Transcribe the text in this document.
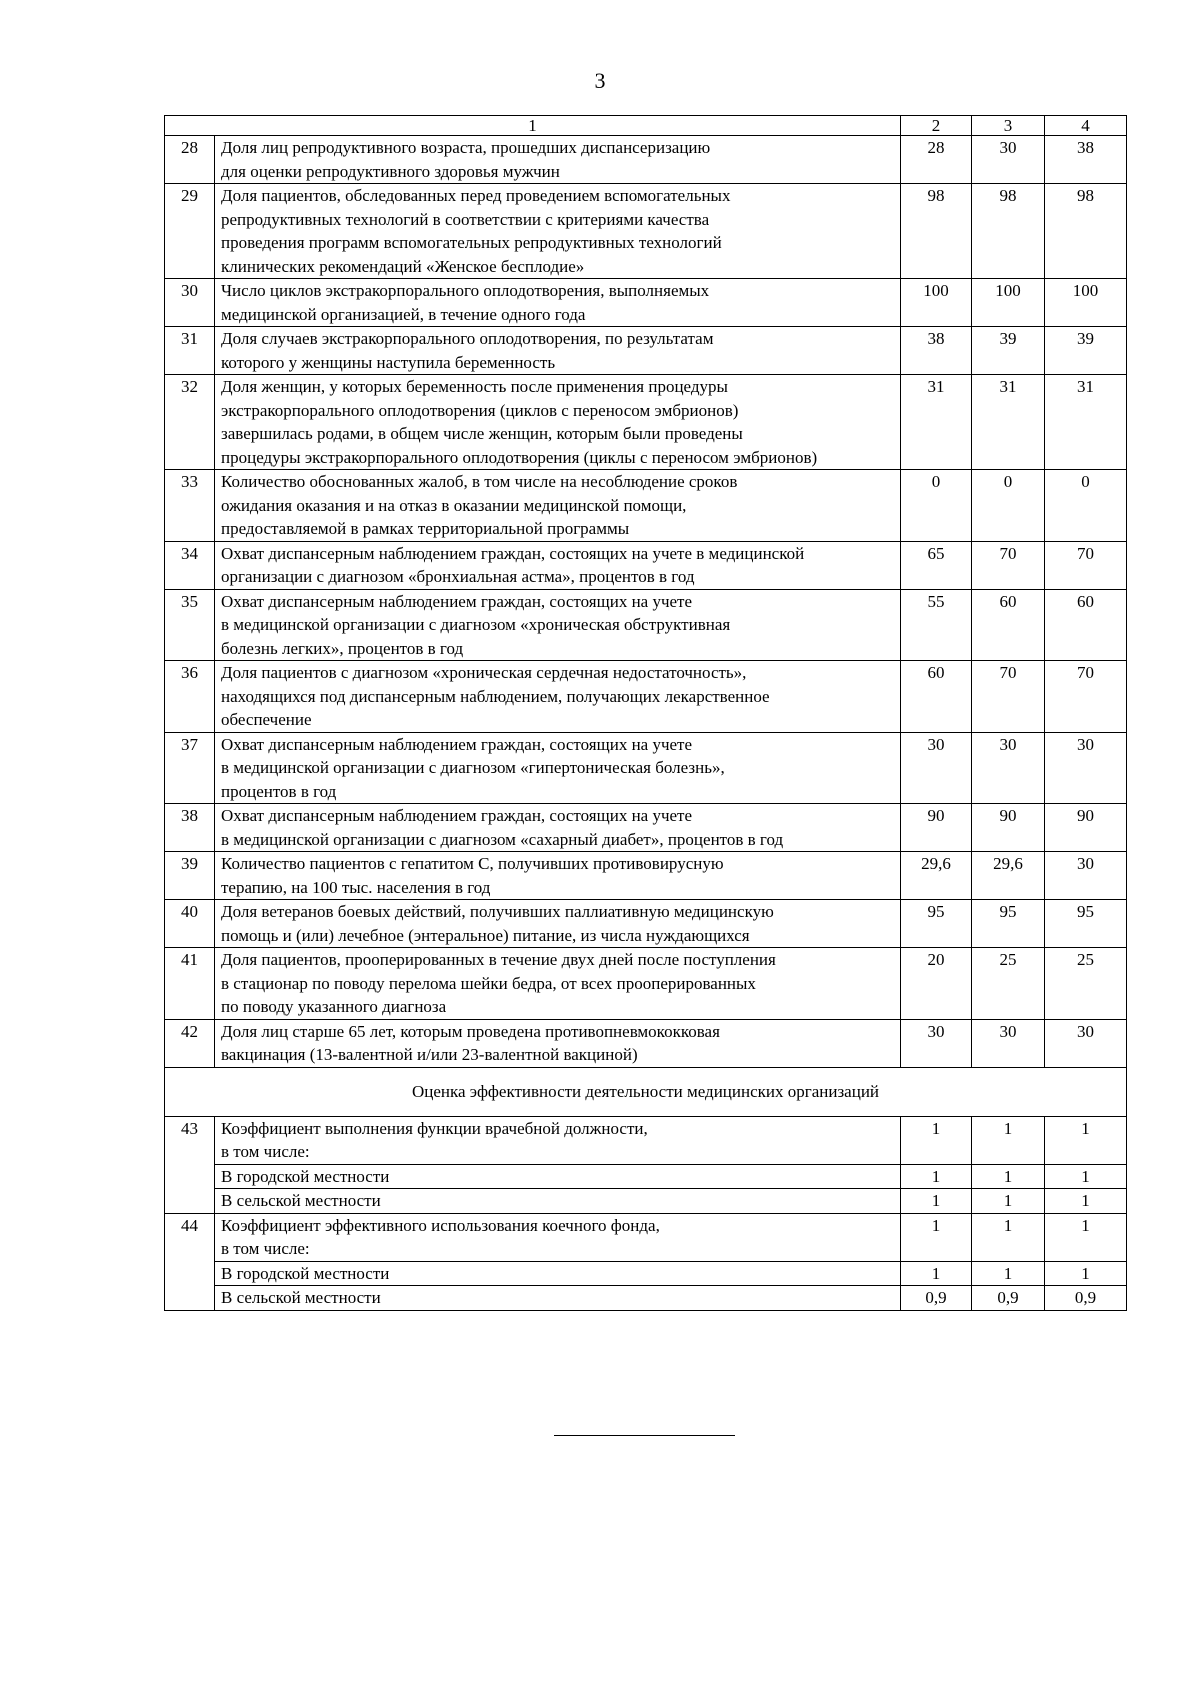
3
1		2	3	4
28	Доля лиц репродуктивного возраста, прошедших диспансеризацию
для оценки репродуктивного здоровья мужчин	28	30	38
29	Доля пациентов, обследованных перед проведением вспомогательных
репродуктивных технологий в соответствии с критериями качества
проведения программ вспомогательных репродуктивных технологий
клинических рекомендаций «Женское бесплодие»	98	98	98
30	Число циклов экстракорпорального оплодотворения, выполняемых
медицинской организацией, в течение одного года	100	100	100
31	Доля случаев экстракорпорального оплодотворения, по результатам
которого у женщины наступила беременность	38	39	39
32	Доля женщин, у которых беременность после применения процедуры
экстракорпорального оплодотворения (циклов с переносом эмбрионов)
завершилась родами, в общем числе женщин, которым были проведены
процедуры экстракорпорального оплодотворения (циклы с переносом эмбрионов)	31	31	31
33	Количество обоснованных жалоб, в том числе на несоблюдение сроков
ожидания оказания и на отказ в оказании медицинской помощи,
предоставляемой в рамках территориальной программы	0	0	0
34	Охват диспансерным наблюдением граждан, состоящих на учете в медицинской
организации с диагнозом «бронхиальная астма», процентов в год	65	70	70
35	Охват диспансерным наблюдением граждан, состоящих на учете
в медицинской организации с диагнозом «хроническая обструктивная
болезнь легких», процентов в год	55	60	60
36	Доля пациентов с диагнозом «хроническая сердечная недостаточность»,
находящихся под диспансерным наблюдением, получающих лекарственное
обеспечение	60	70	70
37	Охват диспансерным наблюдением граждан, состоящих на учете
в медицинской организации с диагнозом «гипертоническая болезнь»,
процентов в год	30	30	30
38	Охват диспансерным наблюдением граждан, состоящих на учете
в медицинской организации с диагнозом «сахарный диабет», процентов в год	90	90	90
39	Количество пациентов с гепатитом С, получивших противовирусную
терапию, на 100 тыс. населения в год	29,6	29,6	30
40	Доля ветеранов боевых действий, получивших паллиативную медицинскую
помощь и (или) лечебное (энтеральное) питание, из числа нуждающихся	95	95	95
41	Доля пациентов, прооперированных в течение двух дней после поступления
в стационар по поводу перелома шейки бедра, от всех прооперированных
по поводу указанного диагноза	20	25	25
42	Доля лиц старше 65 лет, которым проведена противопневмококковая
вакцинация (13-валентной и/или 23-валентной вакциной)	30	30	30
Оценка эффективности деятельности медицинских организаций				
43	Коэффициент выполнения функции врачебной должности,
в том числе:	1	1	1
	В городской местности	1	1	1
	В сельской местности	1	1	1
44	Коэффициент эффективного использования коечного фонда,
в том числе:	1	1	1
	В городской местности	1	1	1
	В сельской местности	0,9	0,9	0,9
